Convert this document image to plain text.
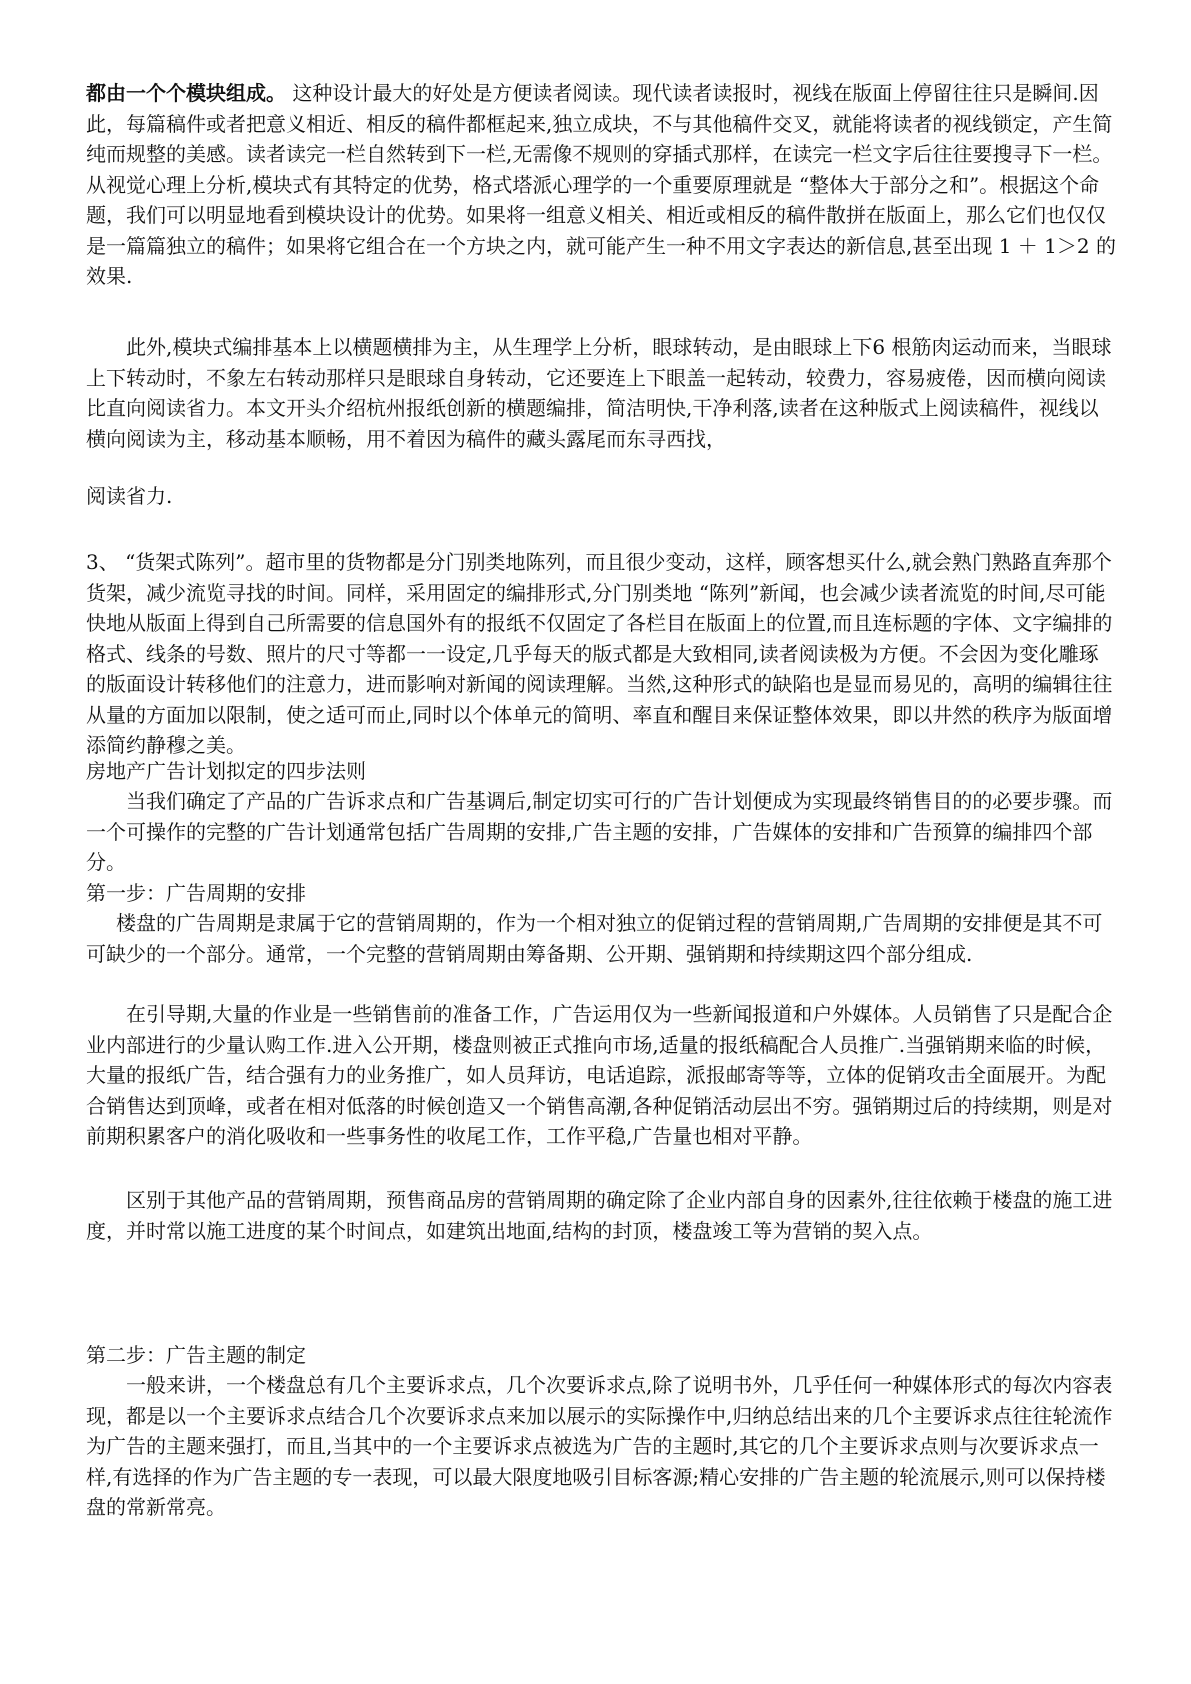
都由一个个模块组成。 这种设计最大的好处是方便读者阅读。现代读者读报时，视线在版面上停留往往只是瞬间.因此，每篇稿件或者把意义相近、相反的稿件都框起来,独立成块，不与其他稿件交叉，就能将读者的视线锁定，产生简纯而规整的美感。读者读完一栏自然转到下一栏,无需像不规则的穿插式那样，在读完一栏文字后往往要搜寻下一栏。从视觉心理上分析,模块式有其特定的优势，格式塔派心理学的一个重要原理就是 “整体大于部分之和”。根据这个命题，我们可以明显地看到模块设计的优势。如果将一组意义相关、相近或相反的稿件散拼在版面上，那么它们也仅仅是一篇篇独立的稿件；如果将它组合在一个方块之内，就可能产生一种不用文字表达的新信息,甚至出现 1 ＋ 1＞2 的效果.
此外,模块式编排基本上以横题横排为主，从生理学上分析，眼球转动，是由眼球上下6 根筋肉运动而来，当眼球上下转动时，不象左右转动那样只是眼球自身转动，它还要连上下眼盖一起转动，较费力，容易疲倦，因而横向阅读比直向阅读省力。本文开头介绍杭州报纸创新的横题编排，简洁明快,干净利落,读者在这种版式上阅读稿件，视线以横向阅读为主，移动基本顺畅，用不着因为稿件的藏头露尾而东寻西找，
阅读省力.
3、 “货架式陈列”。超市里的货物都是分门别类地陈列，而且很少变动，这样，顾客想买什么,就会熟门熟路直奔那个货架，减少流览寻找的时间。同样，采用固定的编排形式,分门别类地 “陈列”新闻，也会减少读者流览的时间,尽可能快地从版面上得到自己所需要的信息国外有的报纸不仅固定了各栏目在版面上的位置,而且连标题的字体、文字编排的格式、线条的号数、照片的尺寸等都一一设定,几乎每天的版式都是大致相同,读者阅读极为方便。不会因为变化雕琢的版面设计转移他们的注意力，进而影响对新闻的阅读理解。当然,这种形式的缺陷也是显而易见的，高明的编辑往往从量的方面加以限制，使之适可而止,同时以个体单元的简明、率直和醒目来保证整体效果，即以井然的秩序为版面增添简约静穆之美。
房地产广告计划拟定的四步法则
当我们确定了产品的广告诉求点和广告基调后,制定切实可行的广告计划便成为实现最终销售目的的必要步骤。而一个可操作的完整的广告计划通常包括广告周期的安排,广告主题的安排，广告媒体的安排和广告预算的编排四个部分。
第一步：广告周期的安排
楼盘的广告周期是隶属于它的营销周期的，作为一个相对独立的促销过程的营销周期,广告周期的安排便是其不可 可缺少的一个部分。通常，一个完整的营销周期由筹备期、公开期、强销期和持续期这四个部分组成.
在引导期,大量的作业是一些销售前的准备工作，广告运用仅为一些新闻报道和户外媒体。人员销售了只是配合企业内部进行的少量认购工作.进入公开期，楼盘则被正式推向市场,适量的报纸稿配合人员推广.当强销期来临的时候，大量的报纸广告，结合强有力的业务推广，如人员拜访，电话追踪，派报邮寄等等，立体的促销攻击全面展开。为配合销售达到顶峰，或者在相对低落的时候创造又一个销售高潮,各种促销活动层出不穷。强销期过后的持续期，则是对前期积累客户的消化吸收和一些事务性的收尾工作，工作平稳,广告量也相对平静。
区别于其他产品的营销周期，预售商品房的营销周期的确定除了企业内部自身的因素外,往往依赖于楼盘的施工进度，并时常以施工进度的某个时间点，如建筑出地面,结构的封顶，楼盘竣工等为营销的契入点。
第二步：广告主题的制定
一般来讲，一个楼盘总有几个主要诉求点，几个次要诉求点,除了说明书外，几乎任何一种媒体形式的每次内容表现，都是以一个主要诉求点结合几个次要诉求点来加以展示的实际操作中,归纳总结出来的几个主要诉求点往往轮流作为广告的主题来强打，而且,当其中的一个主要诉求点被选为广告的主题时,其它的几个主要诉求点则与次要诉求点一样,有选择的作为广告主题的专一表现，可以最大限度地吸引目标客源;精心安排的广告主题的轮流展示,则可以保持楼盘的常新常亮。
